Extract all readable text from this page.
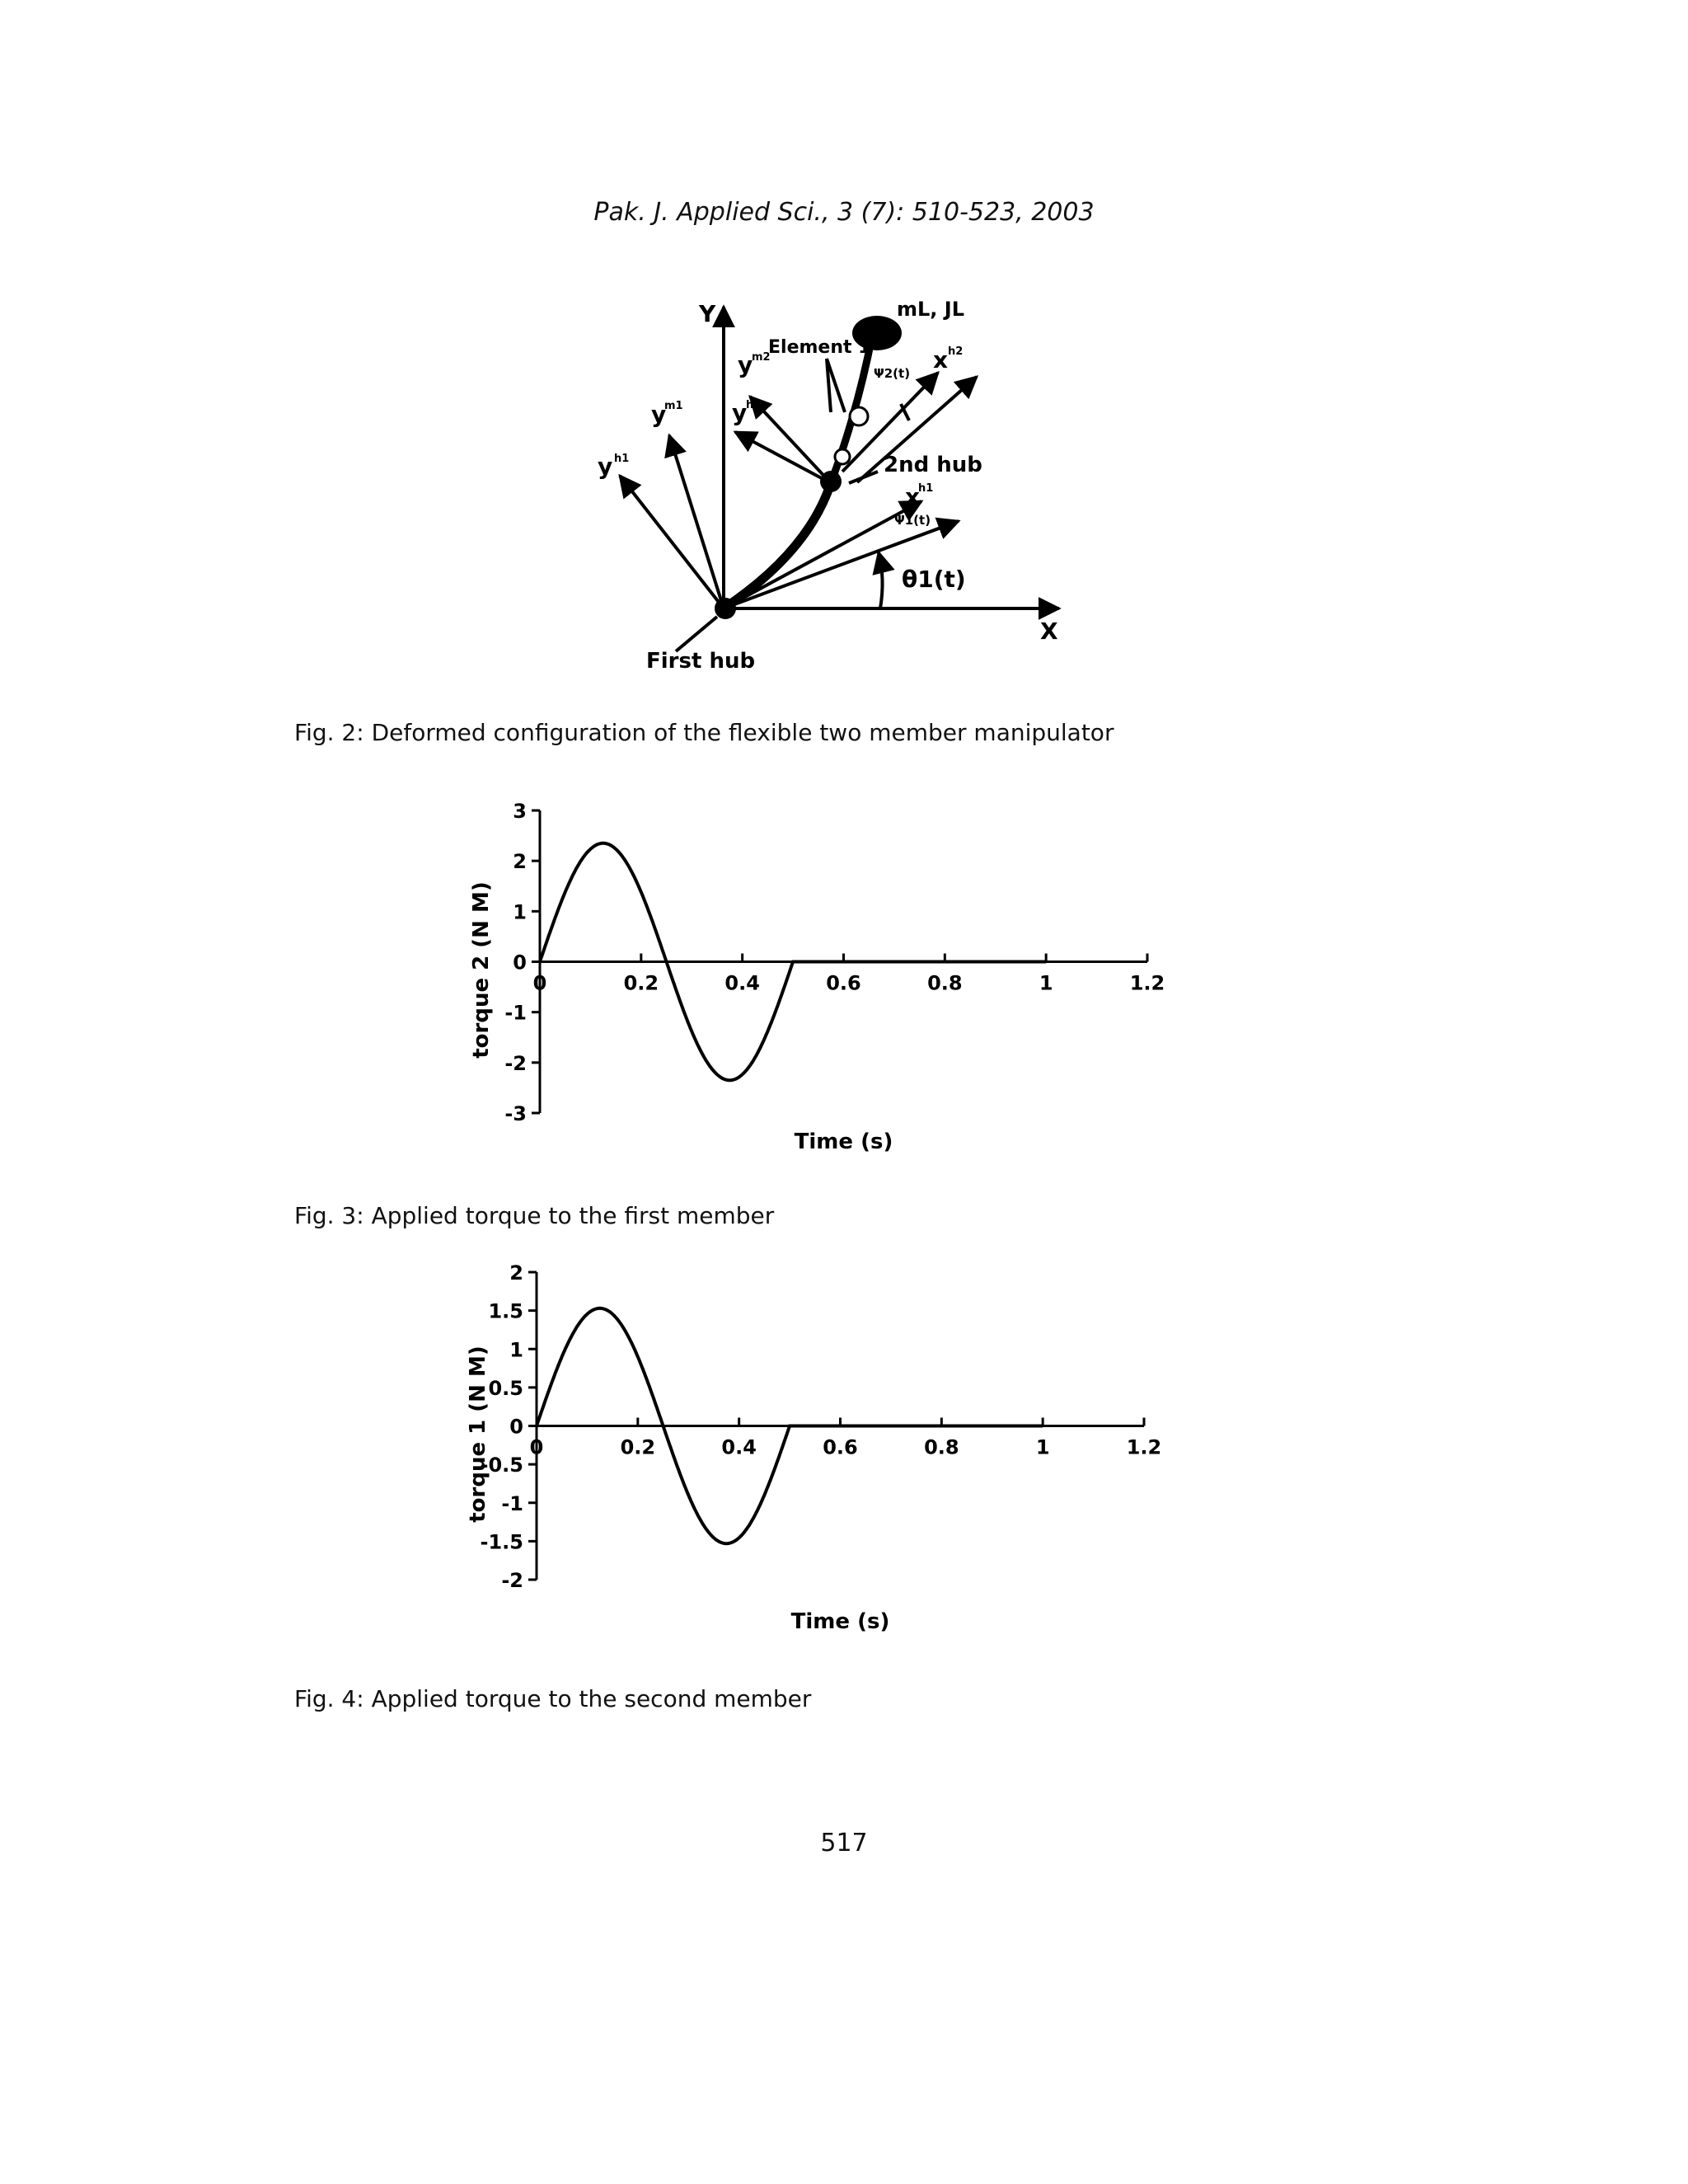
Pak. J. Applied Sci., 3 (7): 510-523, 2003
Y
X
y h1
y
m1
y
m2
y
h2
Element 1
mL, JL
x h2
Ψ2(t)
2nd hub
x
h1
Ψ1(t)
θ1(t)
First hub
Fig. 2: Deformed configuration of the flexible two member manipulator
3
2
1
0
-1
-2
-3
0	0.2	0.4	0.6	0.8	1	1.2
Time (s)
torque 2 (N M)
Fig. 3: Applied torque to the first member
2
1.5
1
0.5
0
-0.5
-1
-1.5
-2
0	0.2	0.4	0.6	0.8	1	1.2
Time (s)
torque 1 (N M)
Fig. 4: Applied torque to the second member
517
